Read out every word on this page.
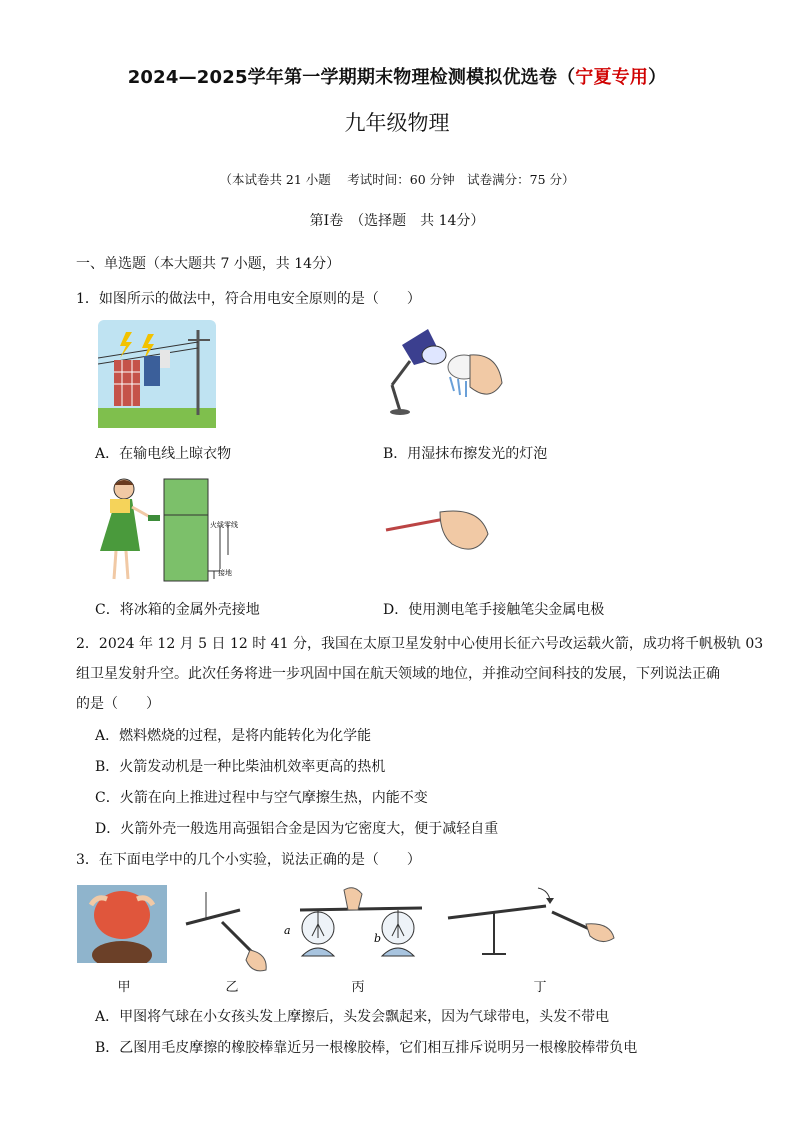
2024—2025学年第一学期期末物理检测模拟优选卷（宁夏专用）
九年级物理
（本试卷共 21 小题　 考试时间：60 分钟　试卷满分：75 分）
第Ⅰ卷　（选择题　共 14分）
一、单选题（本大题共 7 小题，共 14分）
1．如图所示的做法中，符合用电安全原则的是（　　）
A．在输电线上晾衣物	B．用湿抹布擦发光的灯泡
火线 零线
接地
C．将冰箱的金属外壳接地	D．使用测电笔手接触笔尖金属电极
2．2024 年 12 月 5 日 12 时 41 分，我国在太原卫星发射中心使用长征六号改运载火箭，成功将千帆极轨 03
组卫星发射升空。此次任务将进一步巩固中国在航天领域的地位，并推动空间科技的发展，下列说法正确
的是（　　）
A．燃料燃烧的过程，是将内能转化为化学能
B．火箭发动机是一种比柴油机效率更高的热机
C．火箭在向上推进过程中与空气摩擦生热，内能不变
D．火箭外壳一般选用高强铝合金是因为它密度大，便于减轻自重
3．在下面电学中的几个小实验，说法正确的是（　　）
a
b
甲	乙	丙	丁
A．甲图将气球在小女孩头发上摩擦后，头发会飘起来，因为气球带电，头发不带电
B．乙图用毛皮摩擦的橡胶棒靠近另一根橡胶棒，它们相互排斥说明另一根橡胶棒带负电
